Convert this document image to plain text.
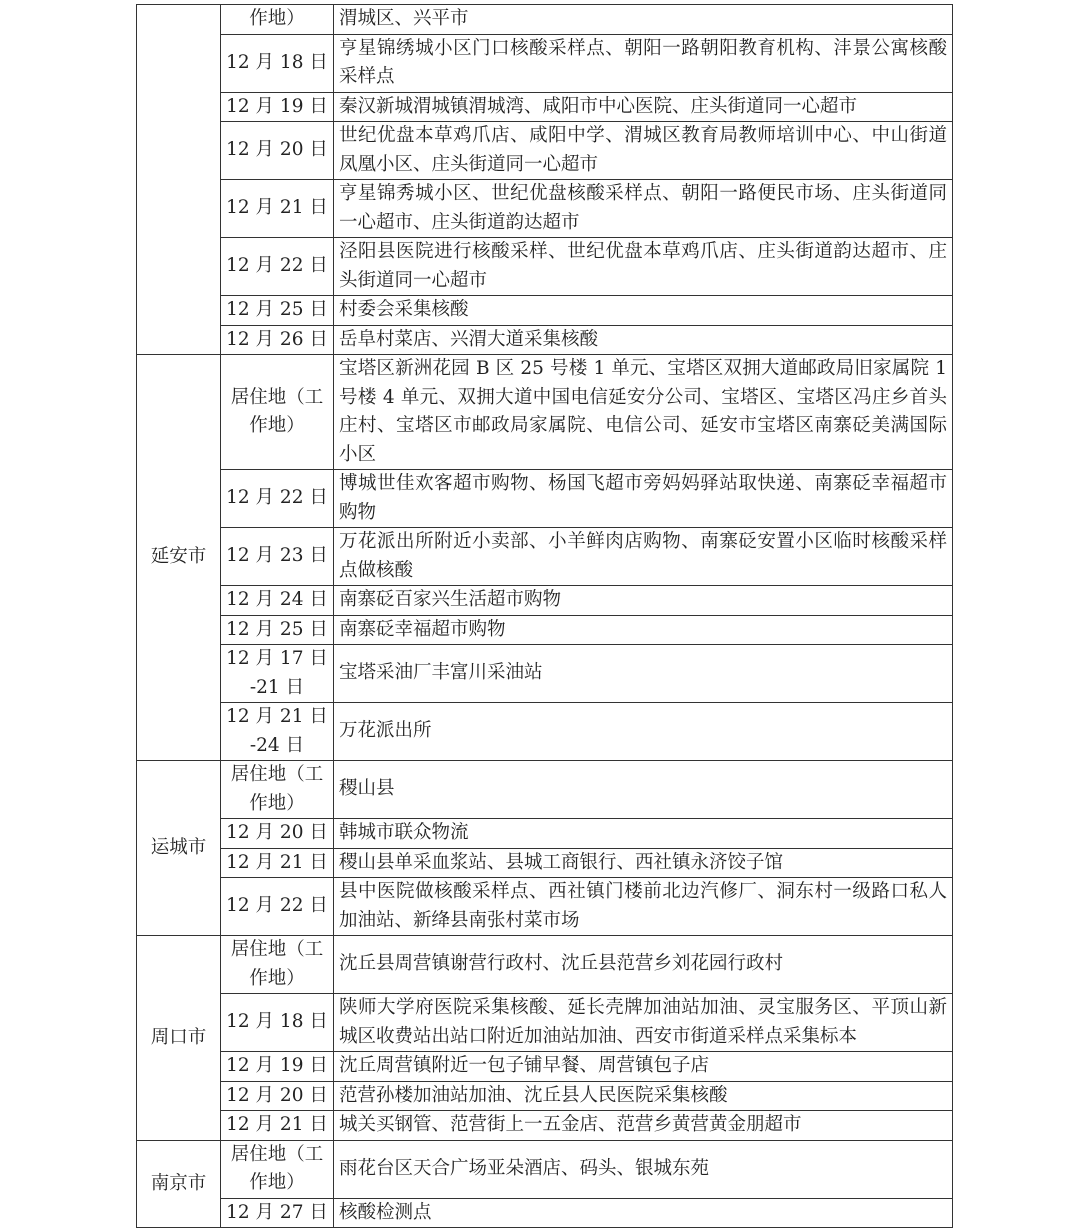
	作地）	渭城区、兴平市
	12 月 18 日	亨星锦绣城小区门口核酸采样点、朝阳一路朝阳教育机构、沣景公寓核酸采样点
	12 月 19 日	秦汉新城渭城镇渭城湾、咸阳市中心医院、庄头街道同一心超市
	12 月 20 日	世纪优盘本草鸡爪店、咸阳中学、渭城区教育局教师培训中心、中山街道凤凰小区、庄头街道同一心超市
	12 月 21 日	亨星锦秀城小区、世纪优盘核酸采样点、朝阳一路便民市场、庄头街道同一心超市、庄头街道韵达超市
	12 月 22 日	泾阳县医院进行核酸采样、世纪优盘本草鸡爪店、庄头街道韵达超市、庄头街道同一心超市
	12 月 25 日	村委会采集核酸
	12 月 26 日	岳阜村菜店、兴渭大道采集核酸
延安市	居住地（工作地）	宝塔区新洲花园 B 区 25 号楼 1 单元、宝塔区双拥大道邮政局旧家属院 1 号楼 4 单元、双拥大道中国电信延安分公司、宝塔区、宝塔区冯庄乡首头庄村、宝塔区市邮政局家属院、电信公司、延安市宝塔区南寨砭美满国际小区
	12 月 22 日	博城世佳欢客超市购物、杨国飞超市旁妈妈驿站取快递、南寨砭幸福超市购物
	12 月 23 日	万花派出所附近小卖部、小羊鲜肉店购物、南寨砭安置小区临时核酸采样点做核酸
	12 月 24 日	南寨砭百家兴生活超市购物
	12 月 25 日	南寨砭幸福超市购物
	12 月 17 日 -21 日	宝塔采油厂丰富川采油站
	12 月 21 日 -24 日	万花派出所
运城市	居住地（工作地）	稷山县
	12 月 20 日	韩城市联众物流
	12 月 21 日	稷山县单采血浆站、县城工商银行、西社镇永济饺子馆
	12 月 22 日	县中医院做核酸采样点、西社镇门楼前北边汽修厂、洞东村一级路口私人加油站、新绛县南张村菜市场
周口市	居住地（工作地）	沈丘县周营镇谢营行政村、沈丘县范营乡刘花园行政村
	12 月 18 日	陕师大学府医院采集核酸、延长壳牌加油站加油、灵宝服务区、平顶山新城区收费站出站口附近加油站加油、西安市街道采样点采集标本
	12 月 19 日	沈丘周营镇附近一包子铺早餐、周营镇包子店
	12 月 20 日	范营孙楼加油站加油、沈丘县人民医院采集核酸
	12 月 21 日	城关买钢管、范营街上一五金店、范营乡黄营黄金朋超市
南京市	居住地（工作地）	雨花台区天合广场亚朵酒店、码头、银城东苑
	12 月 27 日	核酸检测点
